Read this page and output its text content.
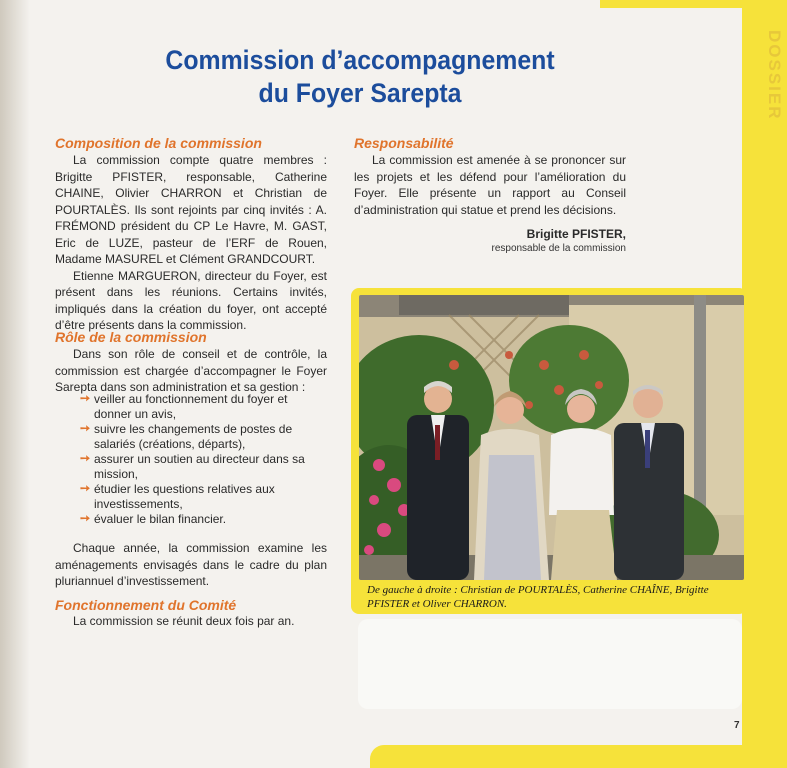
DOSSIER
Commission d’accompagnement
du Foyer Sarepta
Composition de la commission

La commission compte quatre membres : Brigitte PFISTER, responsable, Catherine CHAINE, Olivier CHARRON et Christian de POURTALÈS. Ils sont rejoints par cinq invités : A. FRÉMOND président du CP Le Havre, M. GAST, Eric de LUZE, pasteur de l’ERF de Rouen, Madame MASUREL et Clément GRANDCOURT.

Etienne MARGUERON, directeur du Foyer, est présent dans les réunions. Certains invités, impliqués dans la création du foyer, ont accepté d’être présents dans la commission.

Rôle de la commission

Dans son rôle de conseil et de contrôle, la commission est chargée d’accompagner le Foyer Sarepta dans son administration et sa gestion :

➙ veiller au fonctionnement du foyer et donner un avis,
➙ suivre les changements de postes de salariés (créations, départs),
➙ assurer un soutien au directeur dans sa mission,
➙ étudier les questions relatives aux investissements,
➙ évaluer le bilan financier.

Chaque année, la commission examine les aménagements envisagés dans le cadre du plan pluriannuel d’investissement.

Fonctionnement du Comité

La commission se réunit deux fois par an.

Responsabilité

La commission est amenée à se prononcer sur les projets et les défend pour l’amélioration du Foyer. Elle présente un rapport au Conseil d’administration qui statue et prend les décisions.

Brigitte PFISTER,
responsable de la commission
De gauche à droite : Christian de POURTALÈS, Catherine CHAÎNE, Brigitte PFISTER et Oliver CHARRON.
7
